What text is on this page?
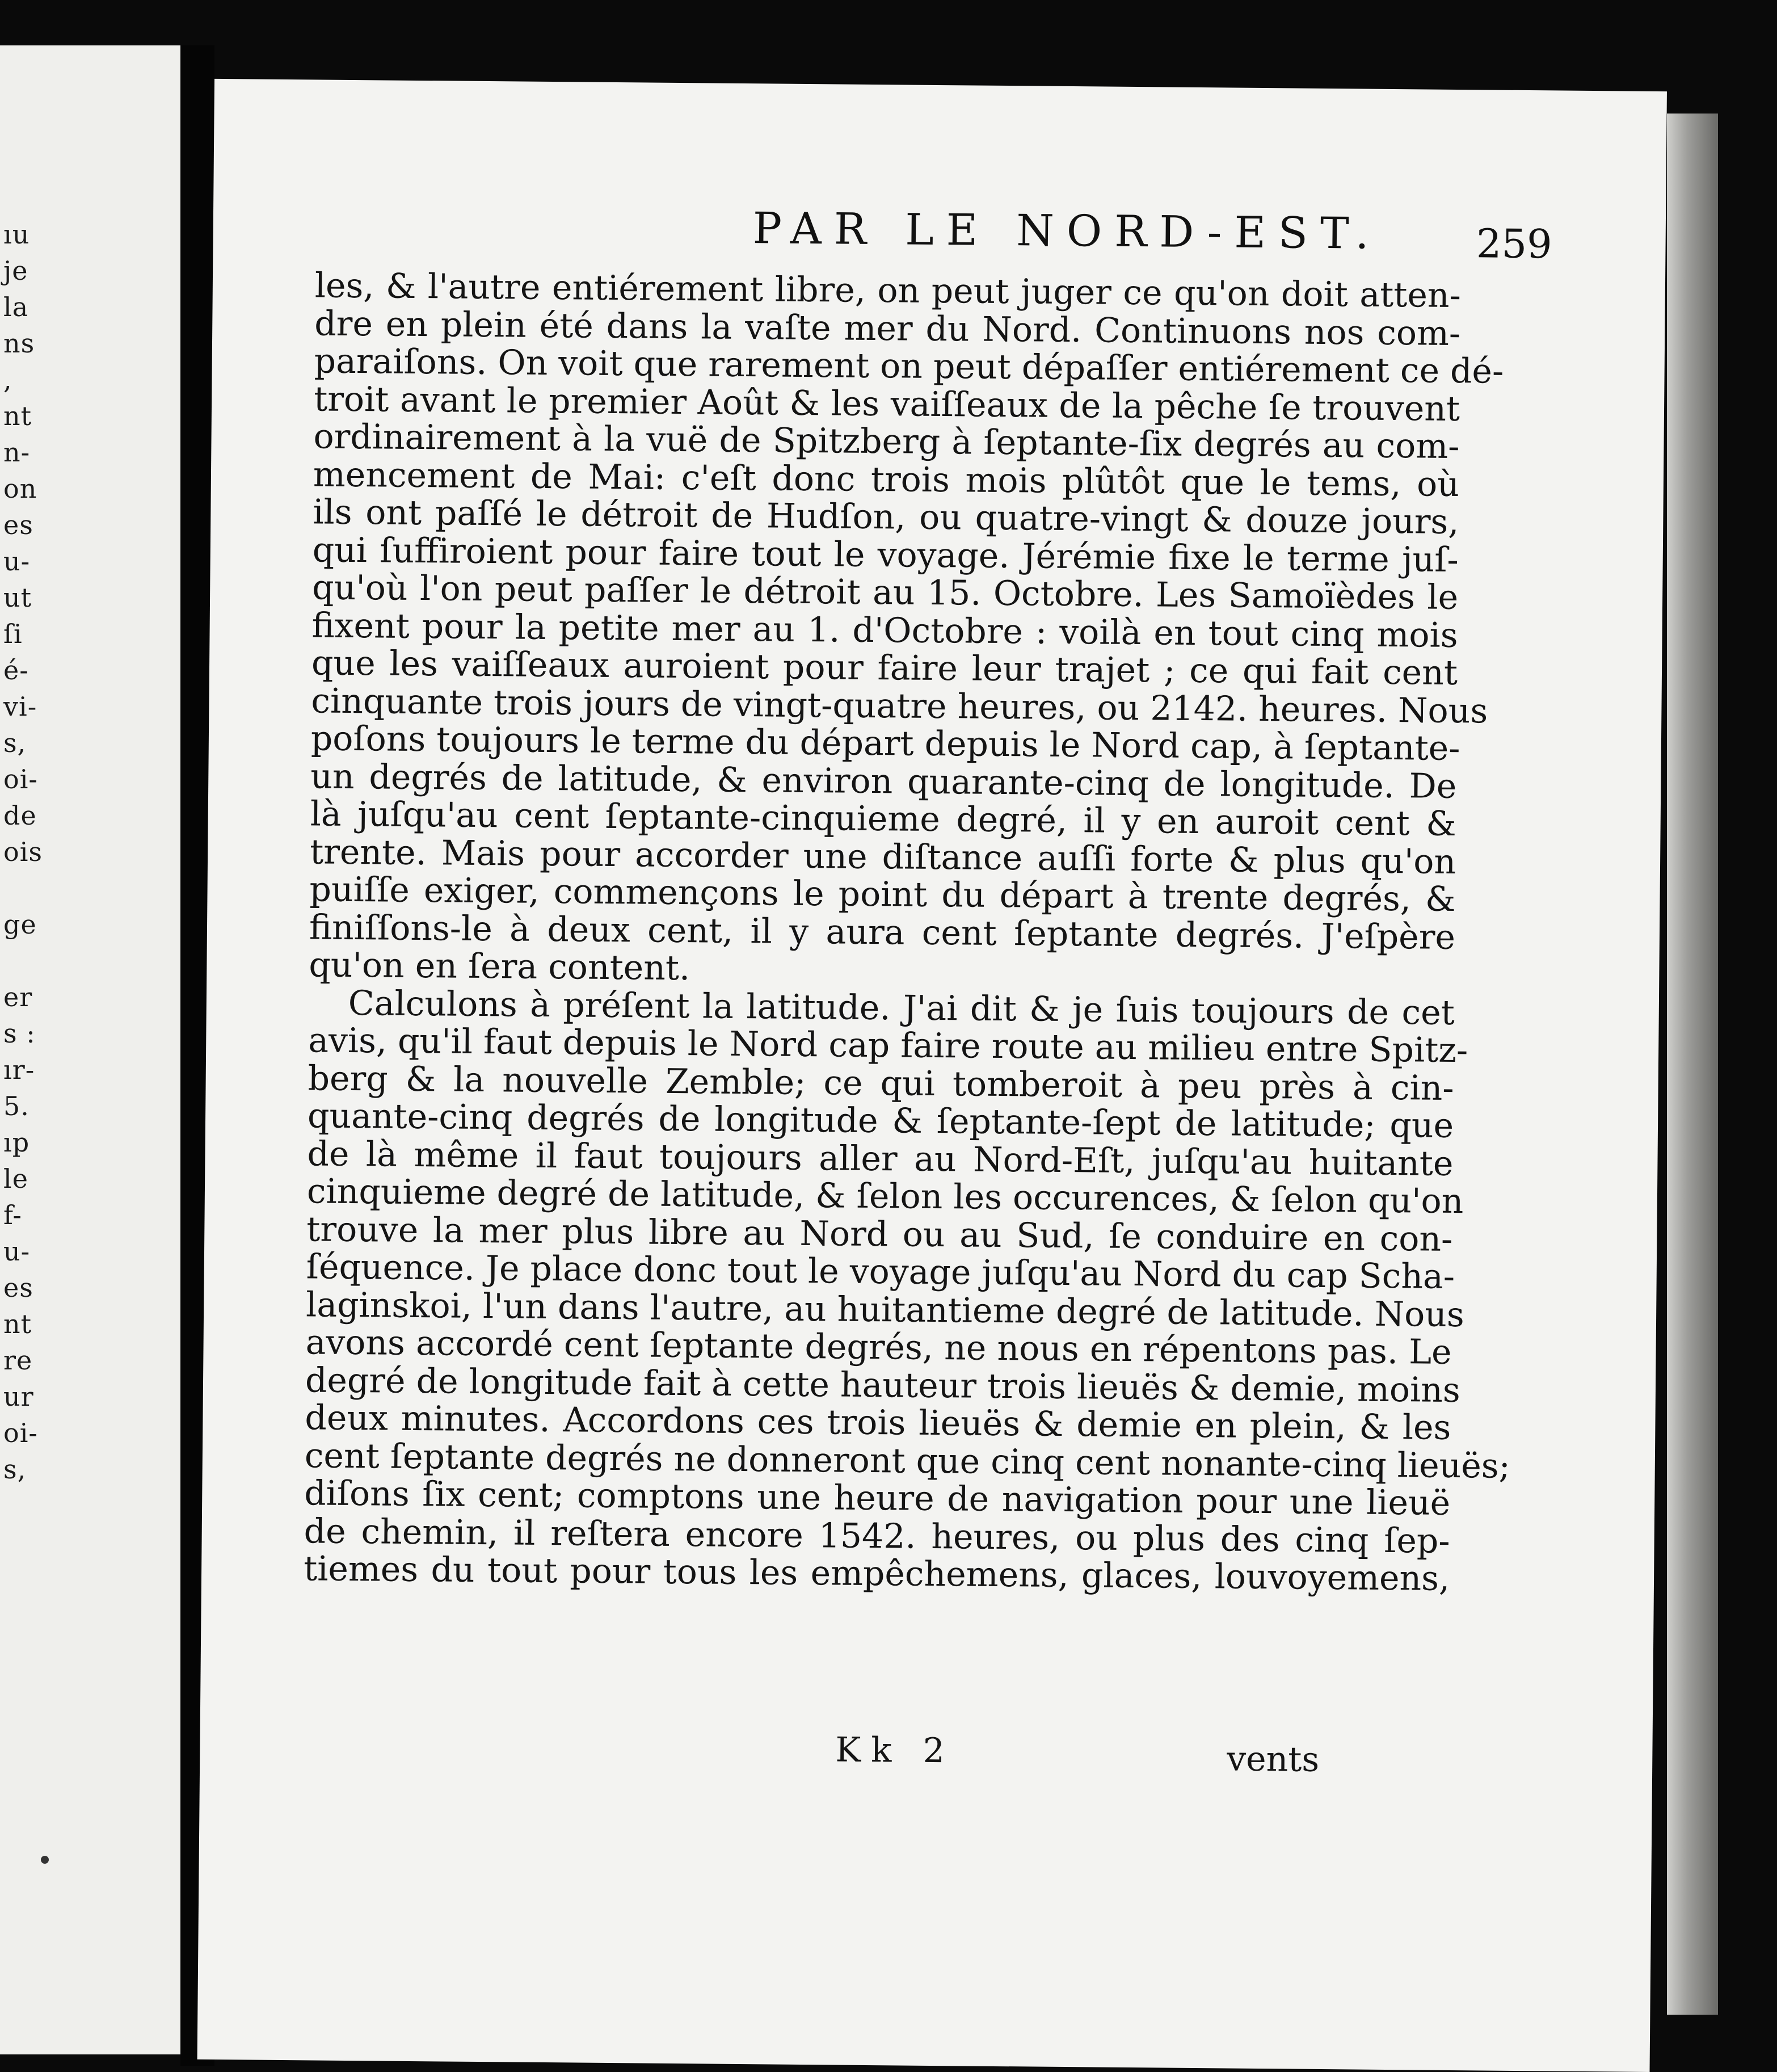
ıu
je
la
ns
,
nt
n-
on
es
u-
ut
ſi
é-
vi-
s,
oi-
de
ois
ge
er
s :
ır-
5.
ıp
le
f-
u-
es
nt
re
ur
oi-
s,
PAR LE NORD-EST.	259
les, & l'autre entiérement libre, on peut juger ce qu'on doit atten-
dre en plein été dans la vaſte mer du Nord. Continuons nos com-
paraiſons. On voit que rarement on peut dépaſſer entiérement ce dé-
troit avant le premier Août & les vaiſſeaux de la pêche ſe trouvent
ordinairement à la vuë de Spitzberg à ſeptante-ſix degrés au com-
mencement de Mai: c'eſt donc trois mois plûtôt que le tems, où
ils ont paſſé le détroit de Hudſon, ou quatre-vingt & douze jours,
qui ſuffiroient pour faire tout le voyage. Jérémie fixe le terme juſ-
qu'où l'on peut paſſer le détroit au 15. Octobre. Les Samoïèdes le
fixent pour la petite mer au 1. d'Octobre : voilà en tout cinq mois
que les vaiſſeaux auroient pour faire leur trajet ; ce qui fait cent
cinquante trois jours de vingt-quatre heures, ou 2142. heures. Nous
poſons toujours le terme du départ depuis le Nord cap, à ſeptante-
un degrés de latitude, & environ quarante-cinq de longitude. De
là juſqu'au cent ſeptante-cinquieme degré, il y en auroit cent &
trente. Mais pour accorder une diſtance auſſi forte & plus qu'on
puiſſe exiger, commençons le point du départ à trente degrés, &
finiſſons-le à deux cent, il y aura cent ſeptante degrés. J'eſpère
qu'on en ſera content.
Calculons à préſent la latitude. J'ai dit & je ſuis toujours de cet
avis, qu'il faut depuis le Nord cap faire route au milieu entre Spitz-
berg & la nouvelle Zemble; ce qui tomberoit à peu près à cin-
quante-cinq degrés de longitude & ſeptante-ſept de latitude; que
de là même il faut toujours aller au Nord-Eſt, juſqu'au huitante
cinquieme degré de latitude, & ſelon les occurences, & ſelon qu'on
trouve la mer plus libre au Nord ou au Sud, ſe conduire en con-
ſéquence. Je place donc tout le voyage juſqu'au Nord du cap Scha-
laginskoi, l'un dans l'autre, au huitantieme degré de latitude. Nous
avons accordé cent ſeptante degrés, ne nous en répentons pas. Le
degré de longitude fait à cette hauteur trois lieuës & demie, moins
deux minutes. Accordons ces trois lieuës & demie en plein, & les
cent ſeptante degrés ne donneront que cinq cent nonante-cinq lieuës;
diſons ſix cent; comptons une heure de navigation pour une lieuë
de chemin, il reſtera encore 1542. heures, ou plus des cinq ſep-
tiemes du tout pour tous les empêchemens, glaces, louvoyemens,
Kk 2	vents
